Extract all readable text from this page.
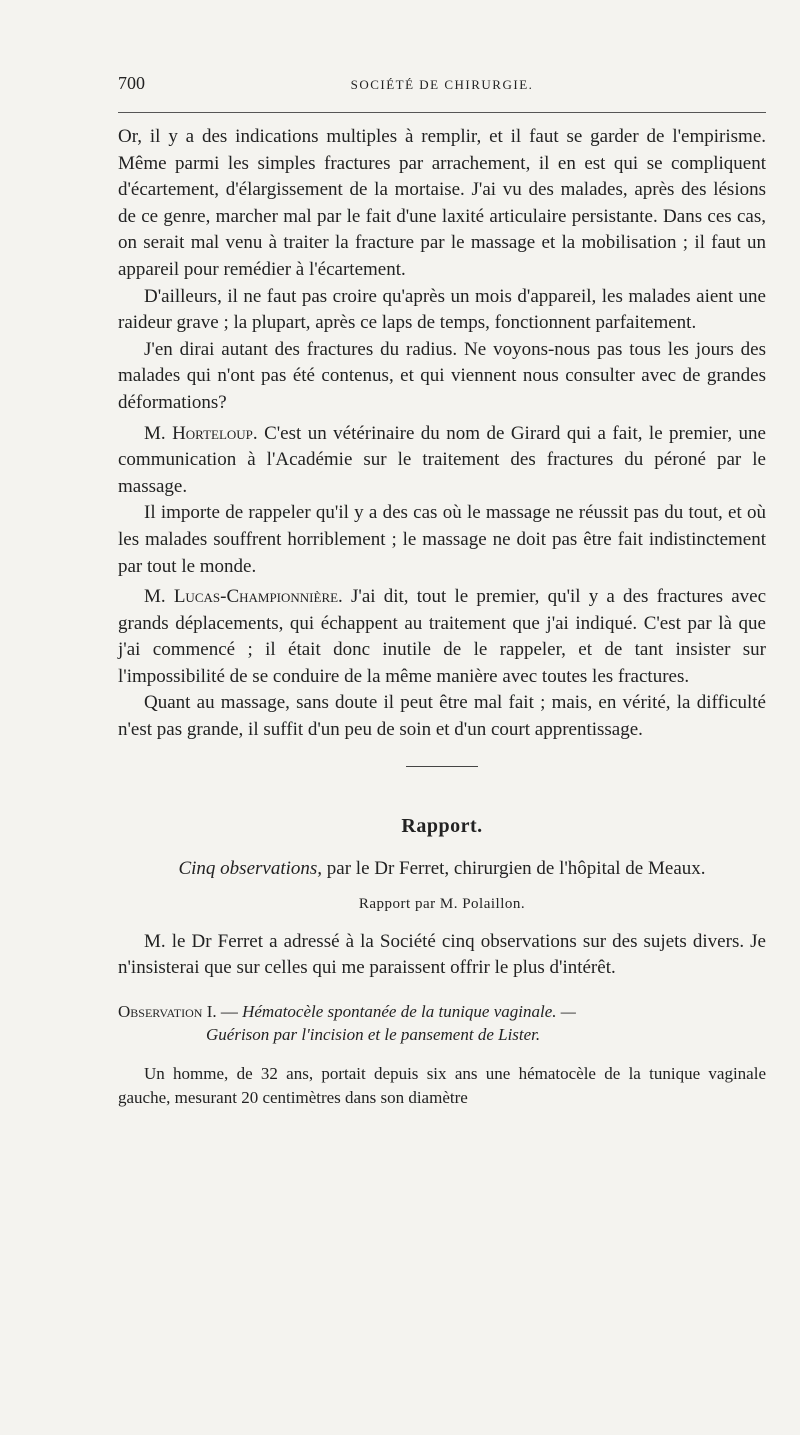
700	SOCIÉTÉ DE CHIRURGIE.

Or, il y a des indications multiples à remplir, et il faut se garder de l'empirisme. Même parmi les simples fractures par arrachement, il en est qui se compliquent d'écartement, d'élargissement de la mortaise. J'ai vu des malades, après des lésions de ce genre, marcher mal par le fait d'une laxité articulaire persistante. Dans ces cas, on serait mal venu à traiter la fracture par le massage et la mobilisation ; il faut un appareil pour remédier à l'écartement.

D'ailleurs, il ne faut pas croire qu'après un mois d'appareil, les malades aient une raideur grave ; la plupart, après ce laps de temps, fonctionnent parfaitement.

J'en dirai autant des fractures du radius. Ne voyons-nous pas tous les jours des malades qui n'ont pas été contenus, et qui viennent nous consulter avec de grandes déformations?

M. Horteloup. C'est un vétérinaire du nom de Girard qui a fait, le premier, une communication à l'Académie sur le traitement des fractures du péroné par le massage.

Il importe de rappeler qu'il y a des cas où le massage ne réussit pas du tout, et où les malades souffrent horriblement ; le massage ne doit pas être fait indistinctement par tout le monde.

M. Lucas-Championnière. J'ai dit, tout le premier, qu'il y a des fractures avec grands déplacements, qui échappent au traitement que j'ai indiqué. C'est par là que j'ai commencé ; il était donc inutile de le rappeler, et de tant insister sur l'impossibilité de se conduire de la même manière avec toutes les fractures.

Quant au massage, sans doute il peut être mal fait ; mais, en vérité, la difficulté n'est pas grande, il suffit d'un peu de soin et d'un court apprentissage.

Rapport.
Cinq observations, par le Dr Ferret, chirurgien de l'hôpital de Meaux.
Rapport par M. Polaillon.

M. le Dr Ferret a adressé à la Société cinq observations sur des sujets divers. Je n'insisterai que sur celles qui me paraissent offrir le plus d'intérêt.

Observation I. — Hématocèle spontanée de la tunique vaginale. —
Guérison par l'incision et le pansement de Lister.

Un homme, de 32 ans, portait depuis six ans une hématocèle de la tunique vaginale gauche, mesurant 20 centimètres dans son diamètre
